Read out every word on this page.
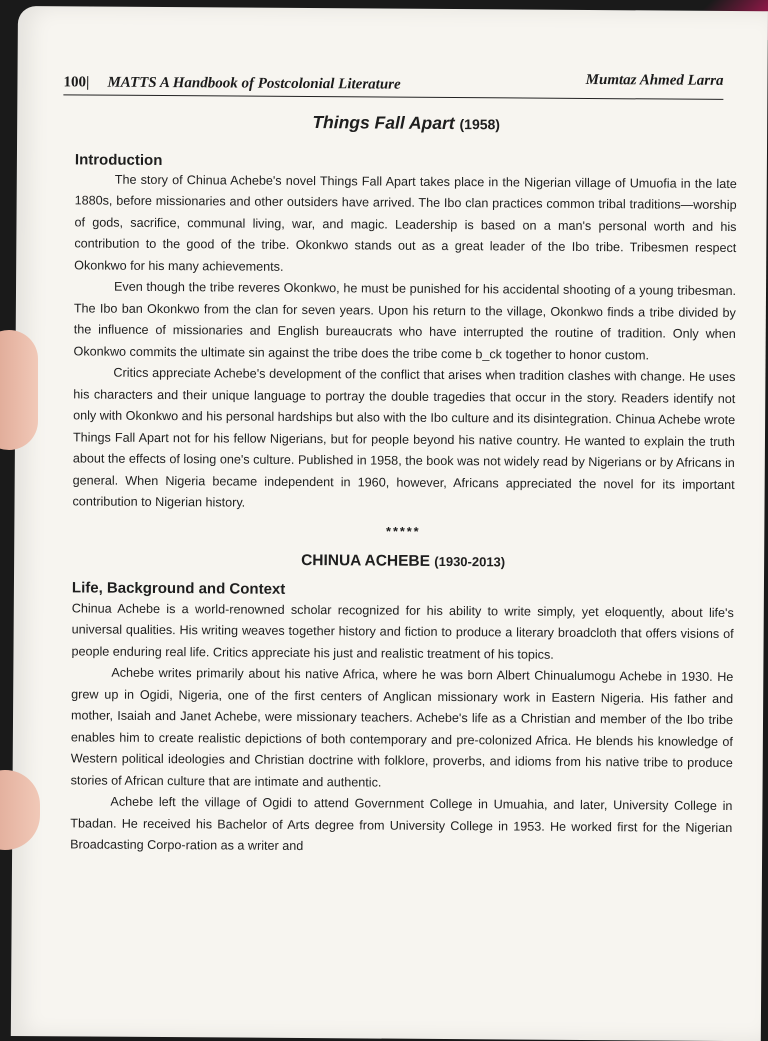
100| MATTS A Handbook of Postcolonial Literature	Mumtaz Ahmed Larra
Things Fall Apart (1958)
Introduction

The story of Chinua Achebe's novel Things Fall Apart takes place in the Nigerian village of Umuofia in the late 1880s, before missionaries and other outsiders have arrived. The Ibo clan practices common tribal traditions—worship of gods, sacrifice, communal living, war, and magic. Leadership is based on a man's personal worth and his contribution to the good of the tribe. Okonkwo stands out as a great leader of the Ibo tribe. Tribesmen respect Okonkwo for his many achievements.

Even though the tribe reveres Okonkwo, he must be punished for his accidental shooting of a young tribesman. The Ibo ban Okonkwo from the clan for seven years. Upon his return to the village, Okonkwo finds a tribe divided by the influence of missionaries and English bureaucrats who have interrupted the routine of tradition. Only when Okonkwo commits the ultimate sin against the tribe does the tribe come b_ck together to honor custom.

Critics appreciate Achebe's development of the conflict that arises when tradition clashes with change. He uses his characters and their unique language to portray the double tragedies that occur in the story. Readers identify not only with Okonkwo and his personal hardships but also with the Ibo culture and its disintegration. Chinua Achebe wrote Things Fall Apart not for his fellow Nigerians, but for people beyond his native country. He wanted to explain the truth about the effects of losing one's culture. Published in 1958, the book was not widely read by Nigerians or by Africans in general. When Nigeria became independent in 1960, however, Africans appreciated the novel for its important contribution to Nigerian history.

*****
CHINUA ACHEBE (1930-2013)
Life, Background and Context

Chinua Achebe is a world-renowned scholar recognized for his ability to write simply, yet eloquently, about life's universal qualities. His writing weaves together history and fiction to produce a literary broadcloth that offers visions of people enduring real life. Critics appreciate his just and realistic treatment of his topics.

Achebe writes primarily about his native Africa, where he was born Albert Chinualumogu Achebe in 1930. He grew up in Ogidi, Nigeria, one of the first centers of Anglican missionary work in Eastern Nigeria. His father and mother, Isaiah and Janet Achebe, were missionary teachers. Achebe's life as a Christian and member of the Ibo tribe enables him to create realistic depictions of both contemporary and pre-colonized Africa. He blends his knowledge of Western political ideologies and Christian doctrine with folklore, proverbs, and idioms from his native tribe to produce stories of African culture that are intimate and authentic.

Achebe left the village of Ogidi to attend Government College in Umuahia, and later, University College in Tbadan. He received his Bachelor of Arts degree from University College in 1953. He worked first for the Nigerian Broadcasting Corpo-ration as a writer and
